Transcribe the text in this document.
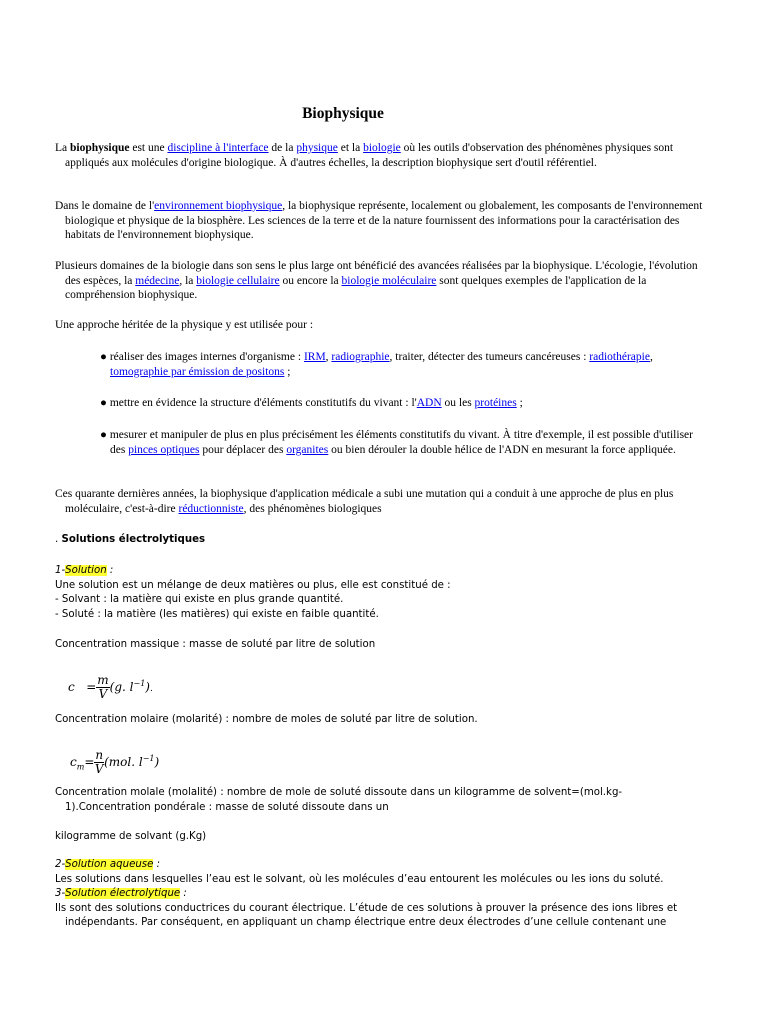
Biophysique
La biophysique est une discipline à l'interface de la physique et la biologie où les outils d'observation des phénomènes physiques sont appliqués aux molécules d'origine biologique. À d'autres échelles, la description biophysique sert d'outil référentiel.
Dans le domaine de l'environnement biophysique, la biophysique représente, localement ou globalement, les composants de l'environnement biologique et physique de la biosphère. Les sciences de la terre et de la nature fournissent des informations pour la caractérisation des habitats de l'environnement biophysique.
Plusieurs domaines de la biologie dans son sens le plus large ont bénéficié des avancées réalisées par la biophysique. L'écologie, l'évolution des espèces, la médecine, la biologie cellulaire ou encore la biologie moléculaire sont quelques exemples de l'application de la compréhension biophysique.
Une approche héritée de la physique y est utilisée pour :
● réaliser des images internes d'organisme : IRM, radiographie, traiter, détecter des tumeurs cancéreuses : radiothérapie, tomographie par émission de positons ;
● mettre en évidence la structure d'éléments constitutifs du vivant : l'ADN ou les protéines ;
● mesurer et manipuler de plus en plus précisément les éléments constitutifs du vivant. À titre d'exemple, il est possible d'utiliser des pinces optiques pour déplacer des organites ou bien dérouler la double hélice de l'ADN en mesurant la force appliquée.
Ces quarante dernières années, la biophysique d'application médicale a subi une mutation qui a conduit à une approche de plus en plus moléculaire, c'est-à-dire réductionniste, des phénomènes biologiques
. Solutions électrolytiques
1-Solution :
Une solution est un mélange de deux matières ou plus, elle est constitué de :
- Solvant : la matière qui existe en plus grande quantité.
- Soluté : la matière (les matières) qui existe en faible quantité.
Concentration massique : masse de soluté par litre de solution
$c = \frac{m}{V} (g$. $l^{-1}$).
Concentration molaire (molarité) : nombre de moles de soluté par litre de solution.
$c_m= \frac{n}{V} (mol$. $l^{-1}$)
Concentration molale (molalité) : nombre de mole de soluté dissoute dans un kilogramme de solvent=(mol.kg-1).Concentration pondérale : masse de soluté dissoute dans un
kilogramme de solvant (g.Kg)
2-Solution aqueuse :
Les solutions dans lesquelles l’eau est le solvant, où les molécules d’eau entourent les molécules ou les ions du soluté.
3-Solution électrolytique :
Ils sont des solutions conductrices du courant électrique. L’étude de ces solutions à prouver la présence des ions libres et indépendants. Par conséquent, en appliquant un champ électrique entre deux électrodes d’une cellule contenant une
